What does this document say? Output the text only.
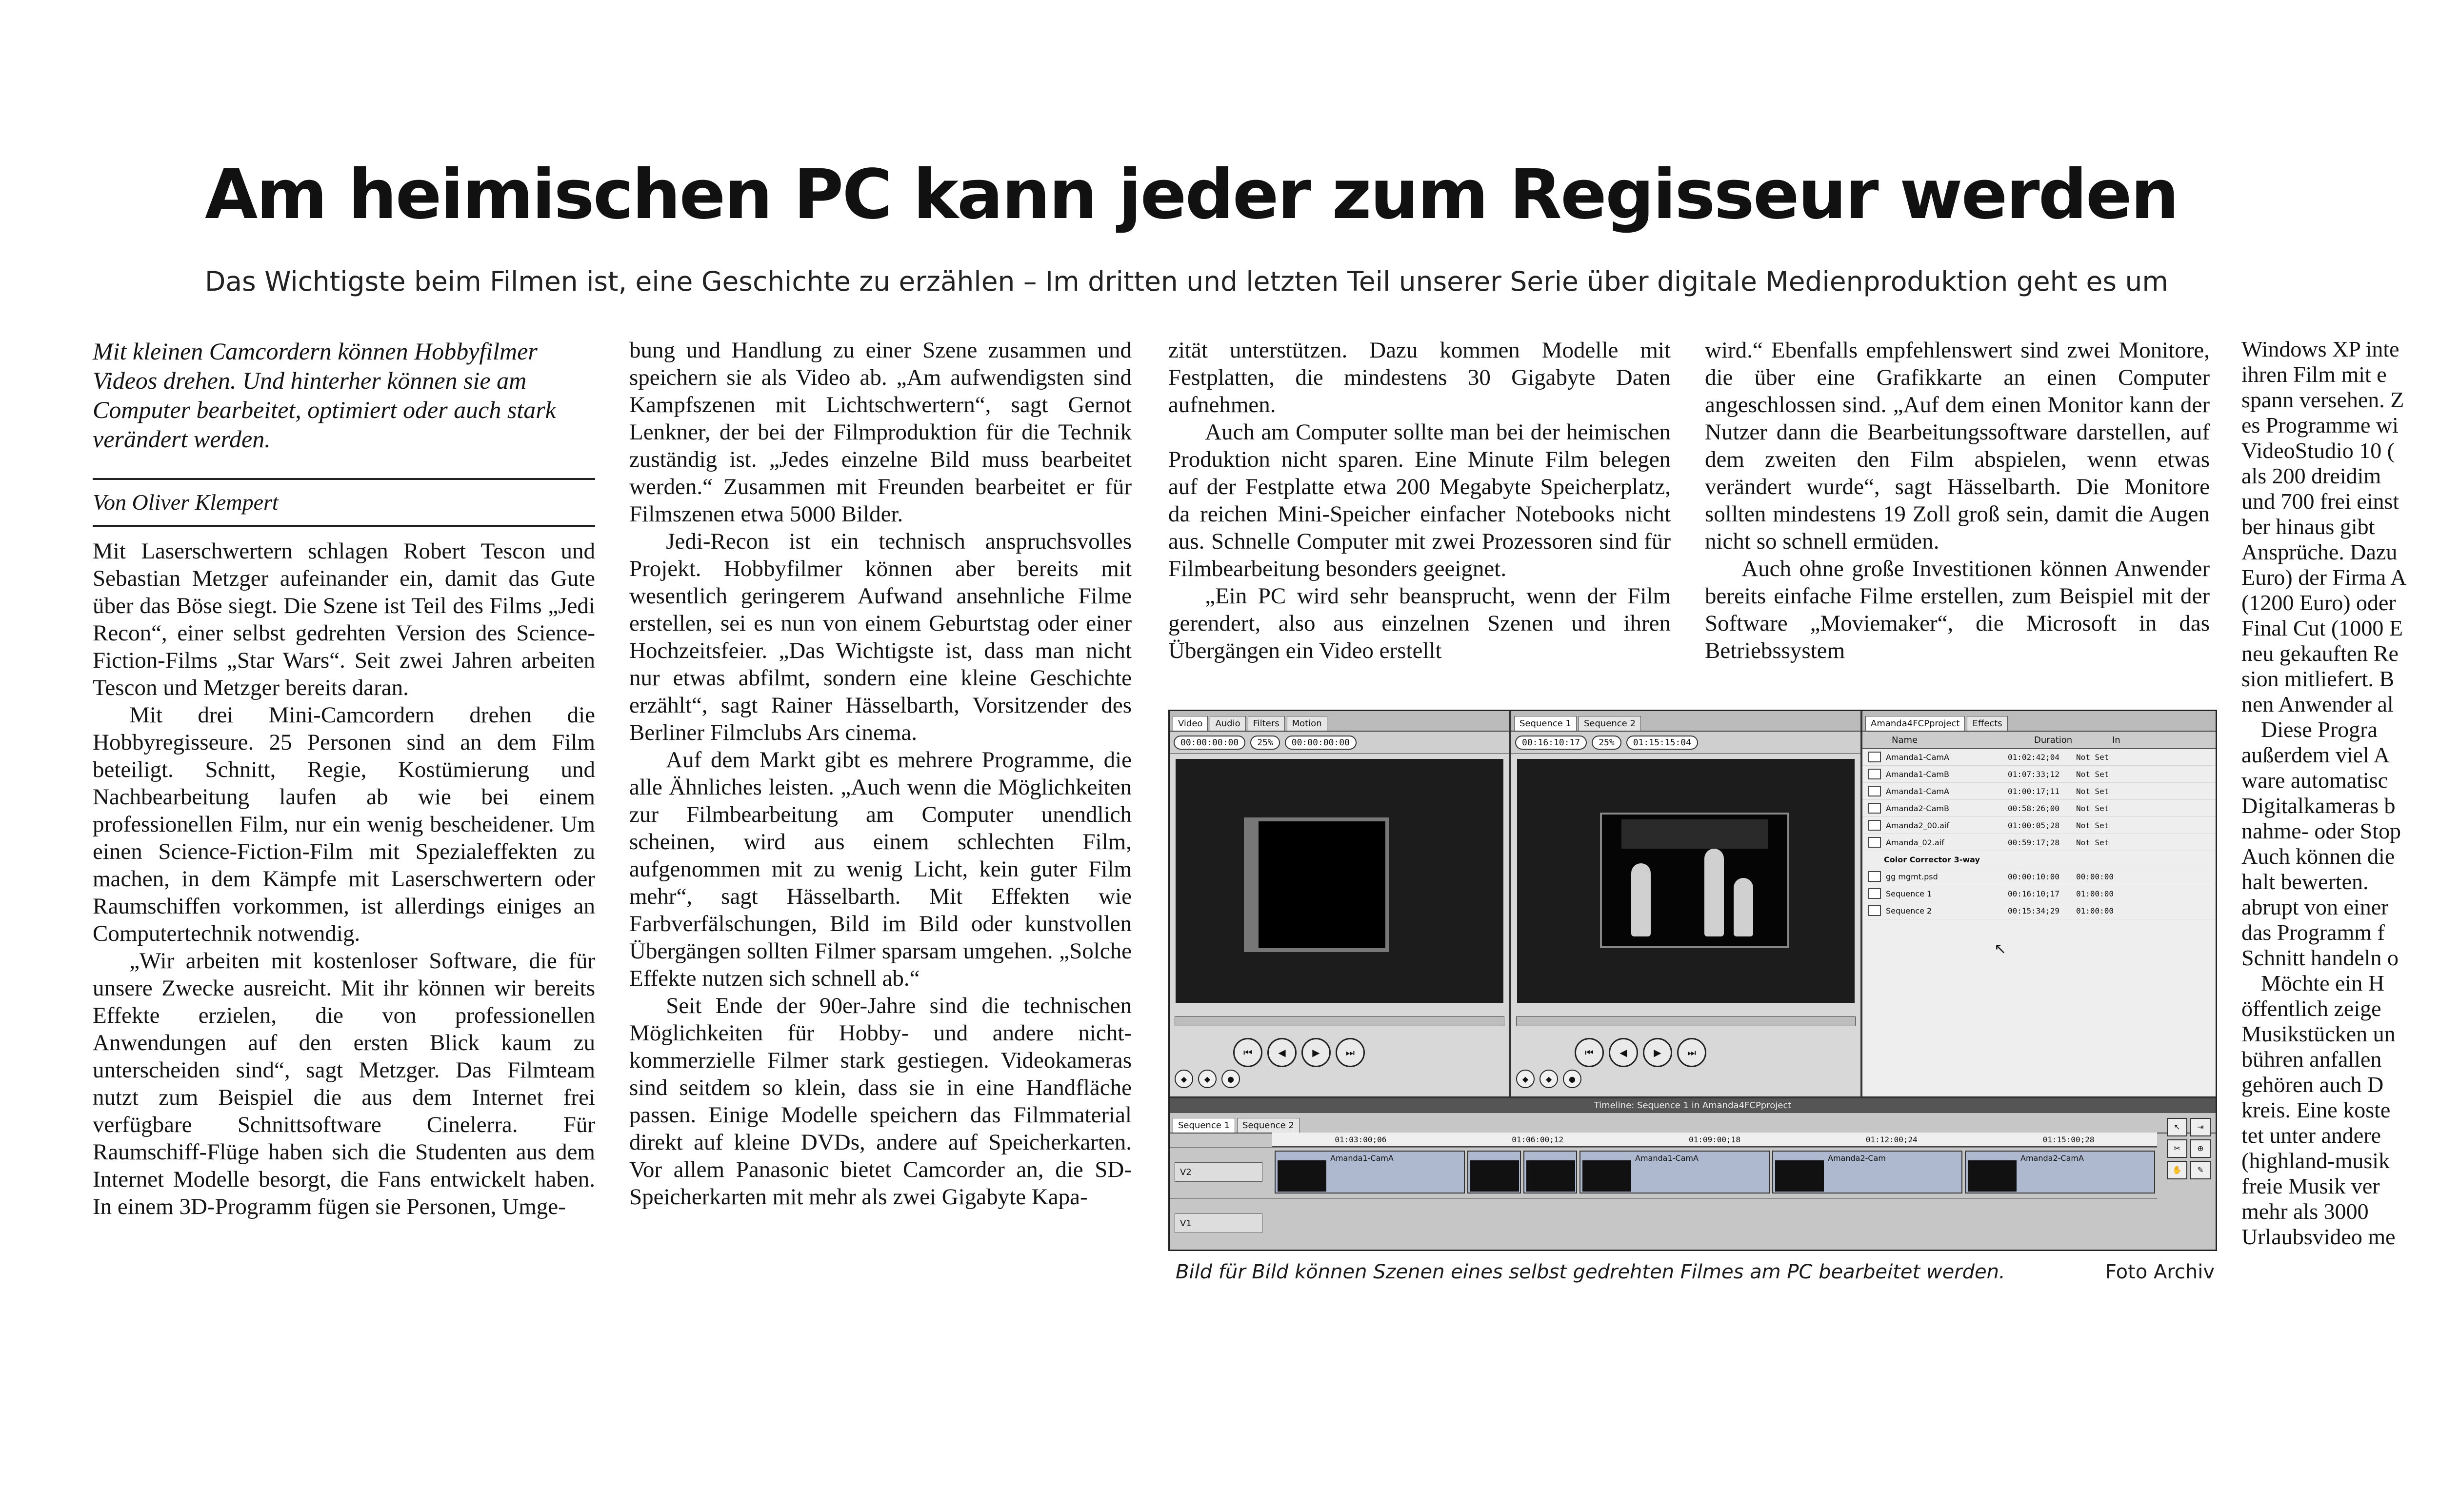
Am heimischen PC kann jeder zum Regisseur werden

Das Wichtigste beim Filmen ist, eine Geschichte zu erzählen – Im dritten und letzten Teil unserer Serie über digitale Medienproduktion geht es um

Mit kleinen Camcordern können Hobbyfilmer Videos drehen. Und hinterher können sie am Computer bearbeitet, optimiert oder auch stark verändert werden.

Von Oliver Klempert

Mit Laserschwertern schlagen Robert Tescon und Sebastian Metzger aufeinander ein, damit das Gute über das Böse siegt. Die Szene ist Teil des Films „Jedi Recon“, einer selbst gedrehten Version des Science-Fiction-Films „Star Wars“. Seit zwei Jahren arbeiten Tescon und Metzger bereits daran.

Mit drei Mini-Camcordern drehen die Hobbyregisseure. 25 Personen sind an dem Film beteiligt. Schnitt, Regie, Kostümierung und Nachbearbeitung laufen ab wie bei einem professionellen Film, nur ein wenig bescheidener. Um einen Science-Fiction-Film mit Spezialeffekten zu machen, in dem Kämpfe mit Laserschwertern oder Raumschiffen vorkommen, ist allerdings einiges an Computertechnik notwendig.

„Wir arbeiten mit kostenloser Software, die für unsere Zwecke ausreicht. Mit ihr können wir bereits Effekte erzielen, die von professionellen Anwendungen auf den ersten Blick kaum zu unterscheiden sind“, sagt Metzger. Das Filmteam nutzt zum Beispiel die aus dem Internet frei verfügbare Schnittsoftware Cinelerra. Für Raumschiff-Flüge haben sich die Studenten aus dem Internet Modelle besorgt, die Fans entwickelt haben. In einem 3D-Programm fügen sie Personen, Umge-

bung und Handlung zu einer Szene zusammen und speichern sie als Video ab. „Am aufwendigsten sind Kampfszenen mit Lichtschwertern“, sagt Gernot Lenkner, der bei der Filmproduktion für die Technik zuständig ist. „Jedes einzelne Bild muss bearbeitet werden.“ Zusammen mit Freunden bearbeitet er für Filmszenen etwa 5000 Bilder.

Jedi-Recon ist ein technisch anspruchsvolles Projekt. Hobbyfilmer können aber bereits mit wesentlich geringerem Aufwand ansehnliche Filme erstellen, sei es nun von einem Geburtstag oder einer Hochzeitsfeier. „Das Wichtigste ist, dass man nicht nur etwas abfilmt, sondern eine kleine Geschichte erzählt“, sagt Rainer Hässelbarth, Vorsitzender des Berliner Filmclubs Ars cinema.

Auf dem Markt gibt es mehrere Programme, die alle Ähnliches leisten. „Auch wenn die Möglichkeiten zur Filmbearbeitung am Computer unendlich scheinen, wird aus einem schlechten Film, aufgenommen mit zu wenig Licht, kein guter Film mehr“, sagt Hässelbarth. Mit Effekten wie Farbverfälschungen, Bild im Bild oder kunstvollen Übergängen sollten Filmer sparsam umgehen. „Solche Effekte nutzen sich schnell ab.“

Seit Ende der 90er-Jahre sind die technischen Möglichkeiten für Hobby- und andere nicht-kommerzielle Filmer stark gestiegen. Videokameras sind seitdem so klein, dass sie in eine Handfläche passen. Einige Modelle speichern das Filmmaterial direkt auf kleine DVDs, andere auf Speicherkarten. Vor allem Panasonic bietet Camcorder an, die SD-Speicherkarten mit mehr als zwei Gigabyte Kapa-

zität unterstützen. Dazu kommen Modelle mit Festplatten, die mindestens 30 Gigabyte Daten aufnehmen.

Auch am Computer sollte man bei der heimischen Produktion nicht sparen. Eine Minute Film belegen auf der Festplatte etwa 200 Megabyte Speicherplatz, da reichen Mini-Speicher einfacher Notebooks nicht aus. Schnelle Computer mit zwei Prozessoren sind für Filmbearbeitung besonders geeignet.

„Ein PC wird sehr beansprucht, wenn der Film gerendert, also aus einzelnen Szenen und ihren Übergängen ein Video erstellt

wird.“ Ebenfalls empfehlenswert sind zwei Monitore, die über eine Grafikkarte an einen Computer angeschlossen sind. „Auf dem einen Monitor kann der Nutzer dann die Bearbeitungssoftware darstellen, auf dem zweiten den Film abspielen, wenn etwas verändert wurde“, sagt Hässelbarth. Die Monitore sollten mindestens 19 Zoll groß sein, damit die Augen nicht so schnell ermüden.

Auch ohne große Investitionen können Anwender bereits einfache Filme erstellen, zum Beispiel mit der Software „Moviemaker“, die Microsoft in das Betriebssystem

Windows XP inte
ihren Film mit e
spann versehen. Z
es Programme wi
VideoStudio 10 (
als 200 dreidim
und 700 frei einst
ber hinaus gibt
Ansprüche. Dazu
Euro) der Firma A
(1200 Euro) oder
Final Cut (1000 E
neu gekauften Re
sion mitliefert. B
nen Anwender al
Diese Progra
außerdem viel A
ware automatisc
Digitalkameras b
nahme- oder Stop
Auch können die
halt bewerten.
abrupt von einer
das Programm f
Schnitt handeln o
Möchte ein H
öffentlich zeige
Musikstücken un
bühren anfallen
gehören auch D
kreis. Eine koste
tet unter andere
(highland-musik
freie Musik ver
mehr als 3000
Urlaubsvideo me
Video	Audio	Filters	Motion
00:00:00:00	25%	00:00:00:00
⏮	◀	▶	⏭
◆	◆	●
Sequence 1	Sequence 2
00:16:10:17	25%	01:15:15:04
⏮	◀	▶	⏭
◆	◆	●
Amanda4FCPproject	Effects
Name	Duration	In
Amanda1-CamA	01:02:42;04	Not Set
Amanda1-CamB	01:07:33;12	Not Set
Amanda1-CamA	01:00:17;11	Not Set
Amanda2-CamB	00:58:26;00	Not Set
Amanda2_00.aif	01:00:05;28	Not Set
Amanda_02.aif	00:59:17;28	Not Set
Color Corrector 3-way
gg mgmt.psd	00:00:10:00	00:00:00
Sequence 1	00:16:10;17	01:00:00
Sequence 2	00:15:34;29	01:00:00
↖
Timeline: Sequence 1 in Amanda4FCPproject
Sequence 1	Sequence 2
01:03:00;06	01:06:00;12	01:09:00;18	01:12:00;24	01:15:00;28
V2
Amanda1-CamA	Amanda1-CamA	Amanda2-Cam	Amanda2-CamA
V1
↖	⇥
✂	⊕
✋	✎
Bild für Bild können Szenen eines selbst gedrehten Filmes am PC bearbeitet werden.	Foto Archiv
